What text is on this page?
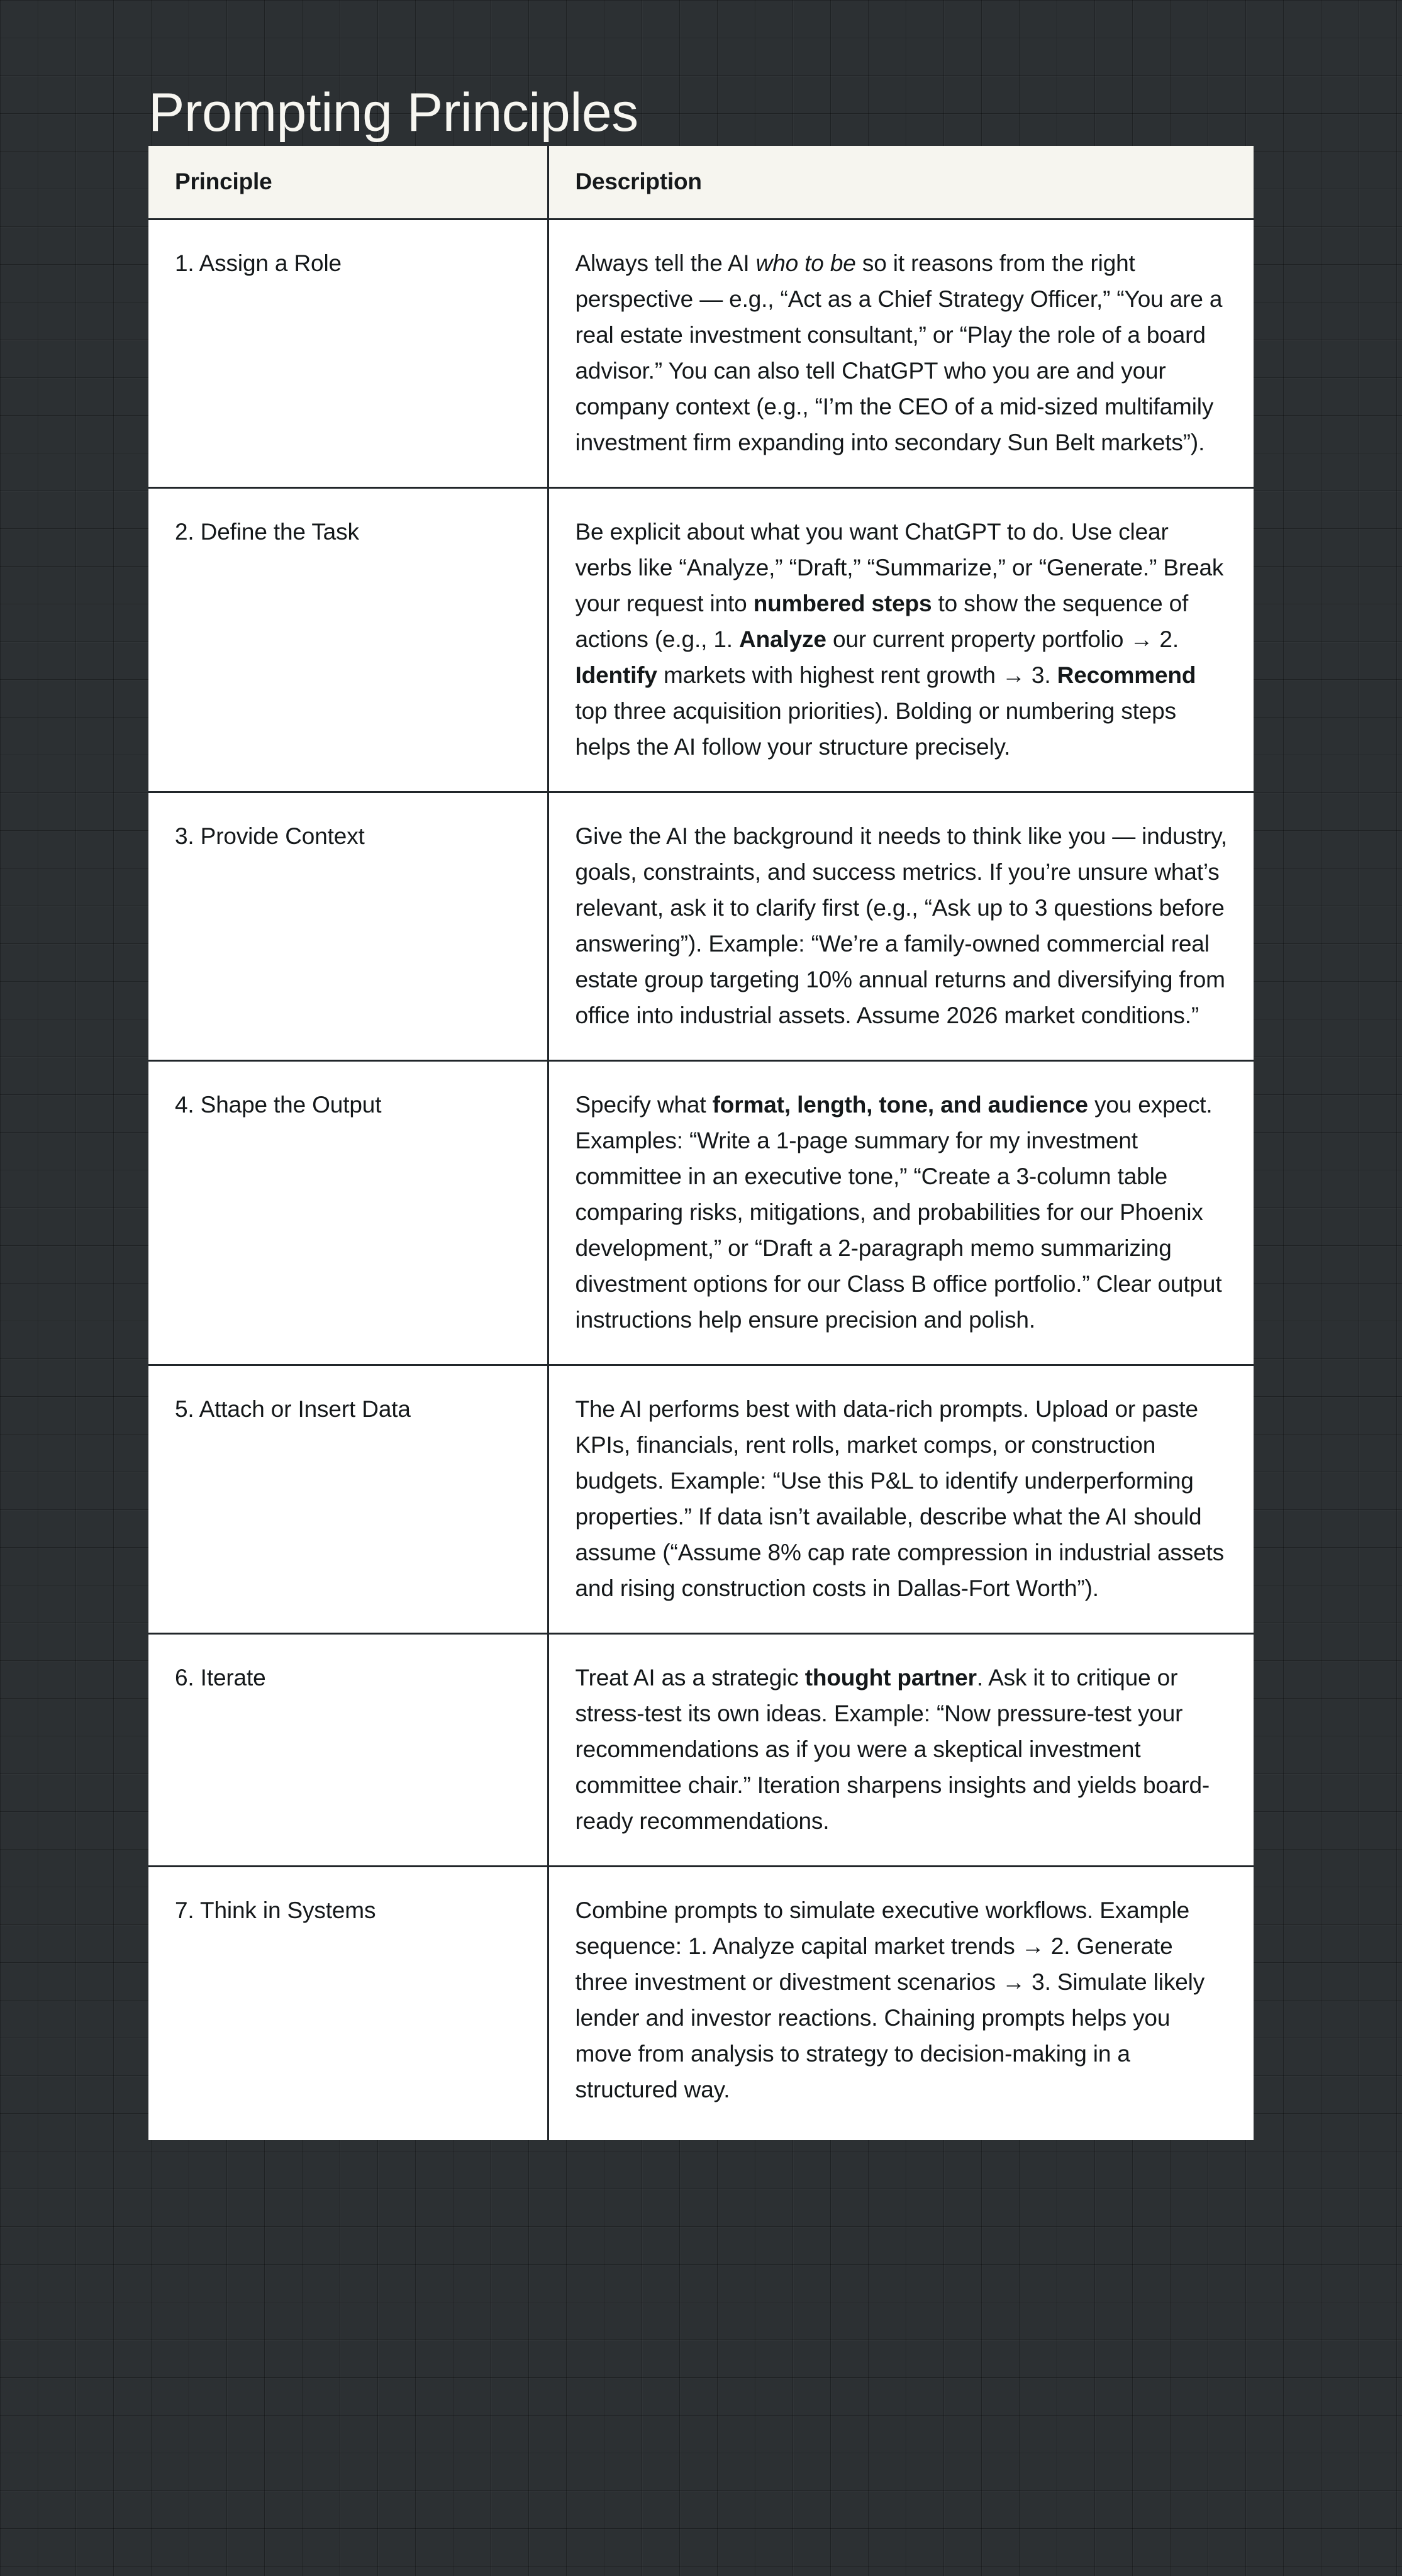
Prompting Principles
Principle	Description
1. Assign a Role	Always tell the AI who to be so it reasons from the right perspective — e.g., “Act as a Chief Strategy Officer,” “You are a real estate investment consultant,” or “Play the role of a board advisor.” You can also tell ChatGPT who you are and your company context (e.g., “I’m the CEO of a mid-sized multifamily investment firm expanding into secondary Sun Belt markets”).
2. Define the Task	Be explicit about what you want ChatGPT to do. Use clear verbs like “Analyze,” “Draft,” “Summarize,” or “Generate.” Break your request into numbered steps to show the sequence of actions (e.g., 1. Analyze our current property portfolio → 2. Identify markets with highest rent growth → 3. Recommend top three acquisition priorities). Bolding or numbering steps helps the AI follow your structure precisely.
3. Provide Context	Give the AI the background it needs to think like you — industry, goals, constraints, and success metrics. If you’re unsure what’s relevant, ask it to clarify first (e.g., “Ask up to 3 questions before answering”). Example: “We’re a family-owned commercial real estate group targeting 10% annual returns and diversifying from office into industrial assets. Assume 2026 market conditions.”
4. Shape the Output	Specify what format, length, tone, and audience you expect. Examples: “Write a 1-page summary for my investment committee in an executive tone,” “Create a 3-column table comparing risks, mitigations, and probabilities for our Phoenix development,” or “Draft a 2-paragraph memo summarizing divestment options for our Class B office portfolio.” Clear output instructions help ensure precision and polish.
5. Attach or Insert Data	The AI performs best with data-rich prompts. Upload or paste KPIs, financials, rent rolls, market comps, or construction budgets. Example: “Use this P&L to identify underperforming properties.” If data isn’t available, describe what the AI should assume (“Assume 8% cap rate compression in industrial assets and rising construction costs in Dallas-Fort Worth”).
6. Iterate	Treat AI as a strategic thought partner. Ask it to critique or stress-test its own ideas. Example: “Now pressure-test your recommendations as if you were a skeptical investment committee chair.” Iteration sharpens insights and yields board-ready recommendations.
7. Think in Systems	Combine prompts to simulate executive workflows. Example sequence: 1. Analyze capital market trends → 2. Generate three investment or divestment scenarios → 3. Simulate likely lender and investor reactions. Chaining prompts helps you move from analysis to strategy to decision-making in a structured way.
